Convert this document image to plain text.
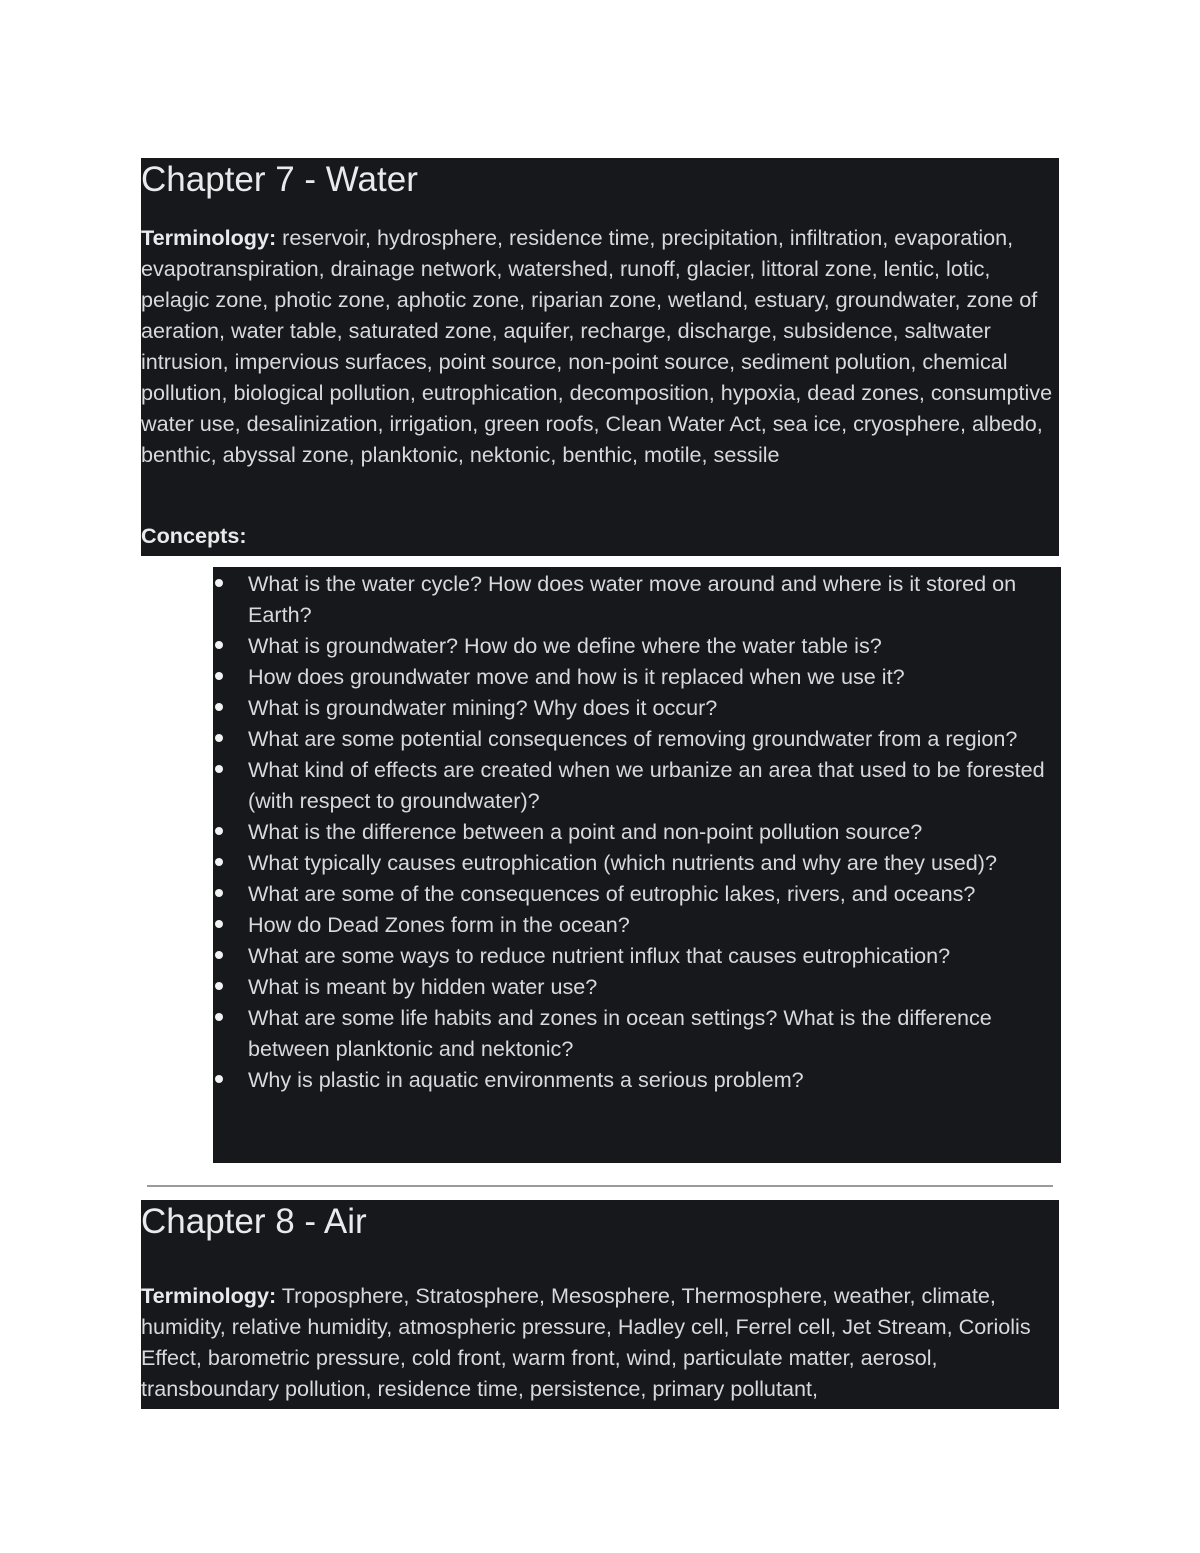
Chapter 7 - Water

Terminology: reservoir, hydrosphere, residence time, precipitation, infiltration, evaporation, evapotranspiration, drainage network, watershed, runoff, glacier, littoral zone, lentic, lotic, pelagic zone, photic zone, aphotic zone, riparian zone, wetland, estuary, groundwater, zone of aeration, water table, saturated zone, aquifer, recharge, discharge, subsidence, saltwater intrusion, impervious surfaces, point source, non-point source, sediment polution, chemical pollution, biological pollution, eutrophication, decomposition, hypoxia, dead zones, consumptive water use, desalinization, irrigation, green roofs, Clean Water Act, sea ice, cryosphere, albedo, benthic, abyssal zone, planktonic, nektonic, benthic, motile, sessile

Concepts:

What is the water cycle? How does water move around and where is it stored on Earth?
What is groundwater? How do we define where the water table is?
How does groundwater move and how is it replaced when we use it?
What is groundwater mining? Why does it occur?
What are some potential consequences of removing groundwater from a region?
What kind of effects are created when we urbanize an area that used to be forested (with respect to groundwater)?
What is the difference between a point and non-point pollution source?
What typically causes eutrophication (which nutrients and why are they used)?
What are some of the consequences of eutrophic lakes, rivers, and oceans?
How do Dead Zones form in the ocean?
What are some ways to reduce nutrient influx that causes eutrophication?
What is meant by hidden water use?
What are some life habits and zones in ocean settings? What is the difference between planktonic and nektonic?
Why is plastic in aquatic environments a serious problem?
Chapter 8 - Air

Terminology: Troposphere, Stratosphere, Mesosphere, Thermosphere, weather, climate, humidity, relative humidity, atmospheric pressure, Hadley cell, Ferrel cell, Jet Stream, Coriolis Effect, barometric pressure, cold front, warm front, wind, particulate matter, aerosol, transboundary pollution, residence time, persistence, primary pollutant,
